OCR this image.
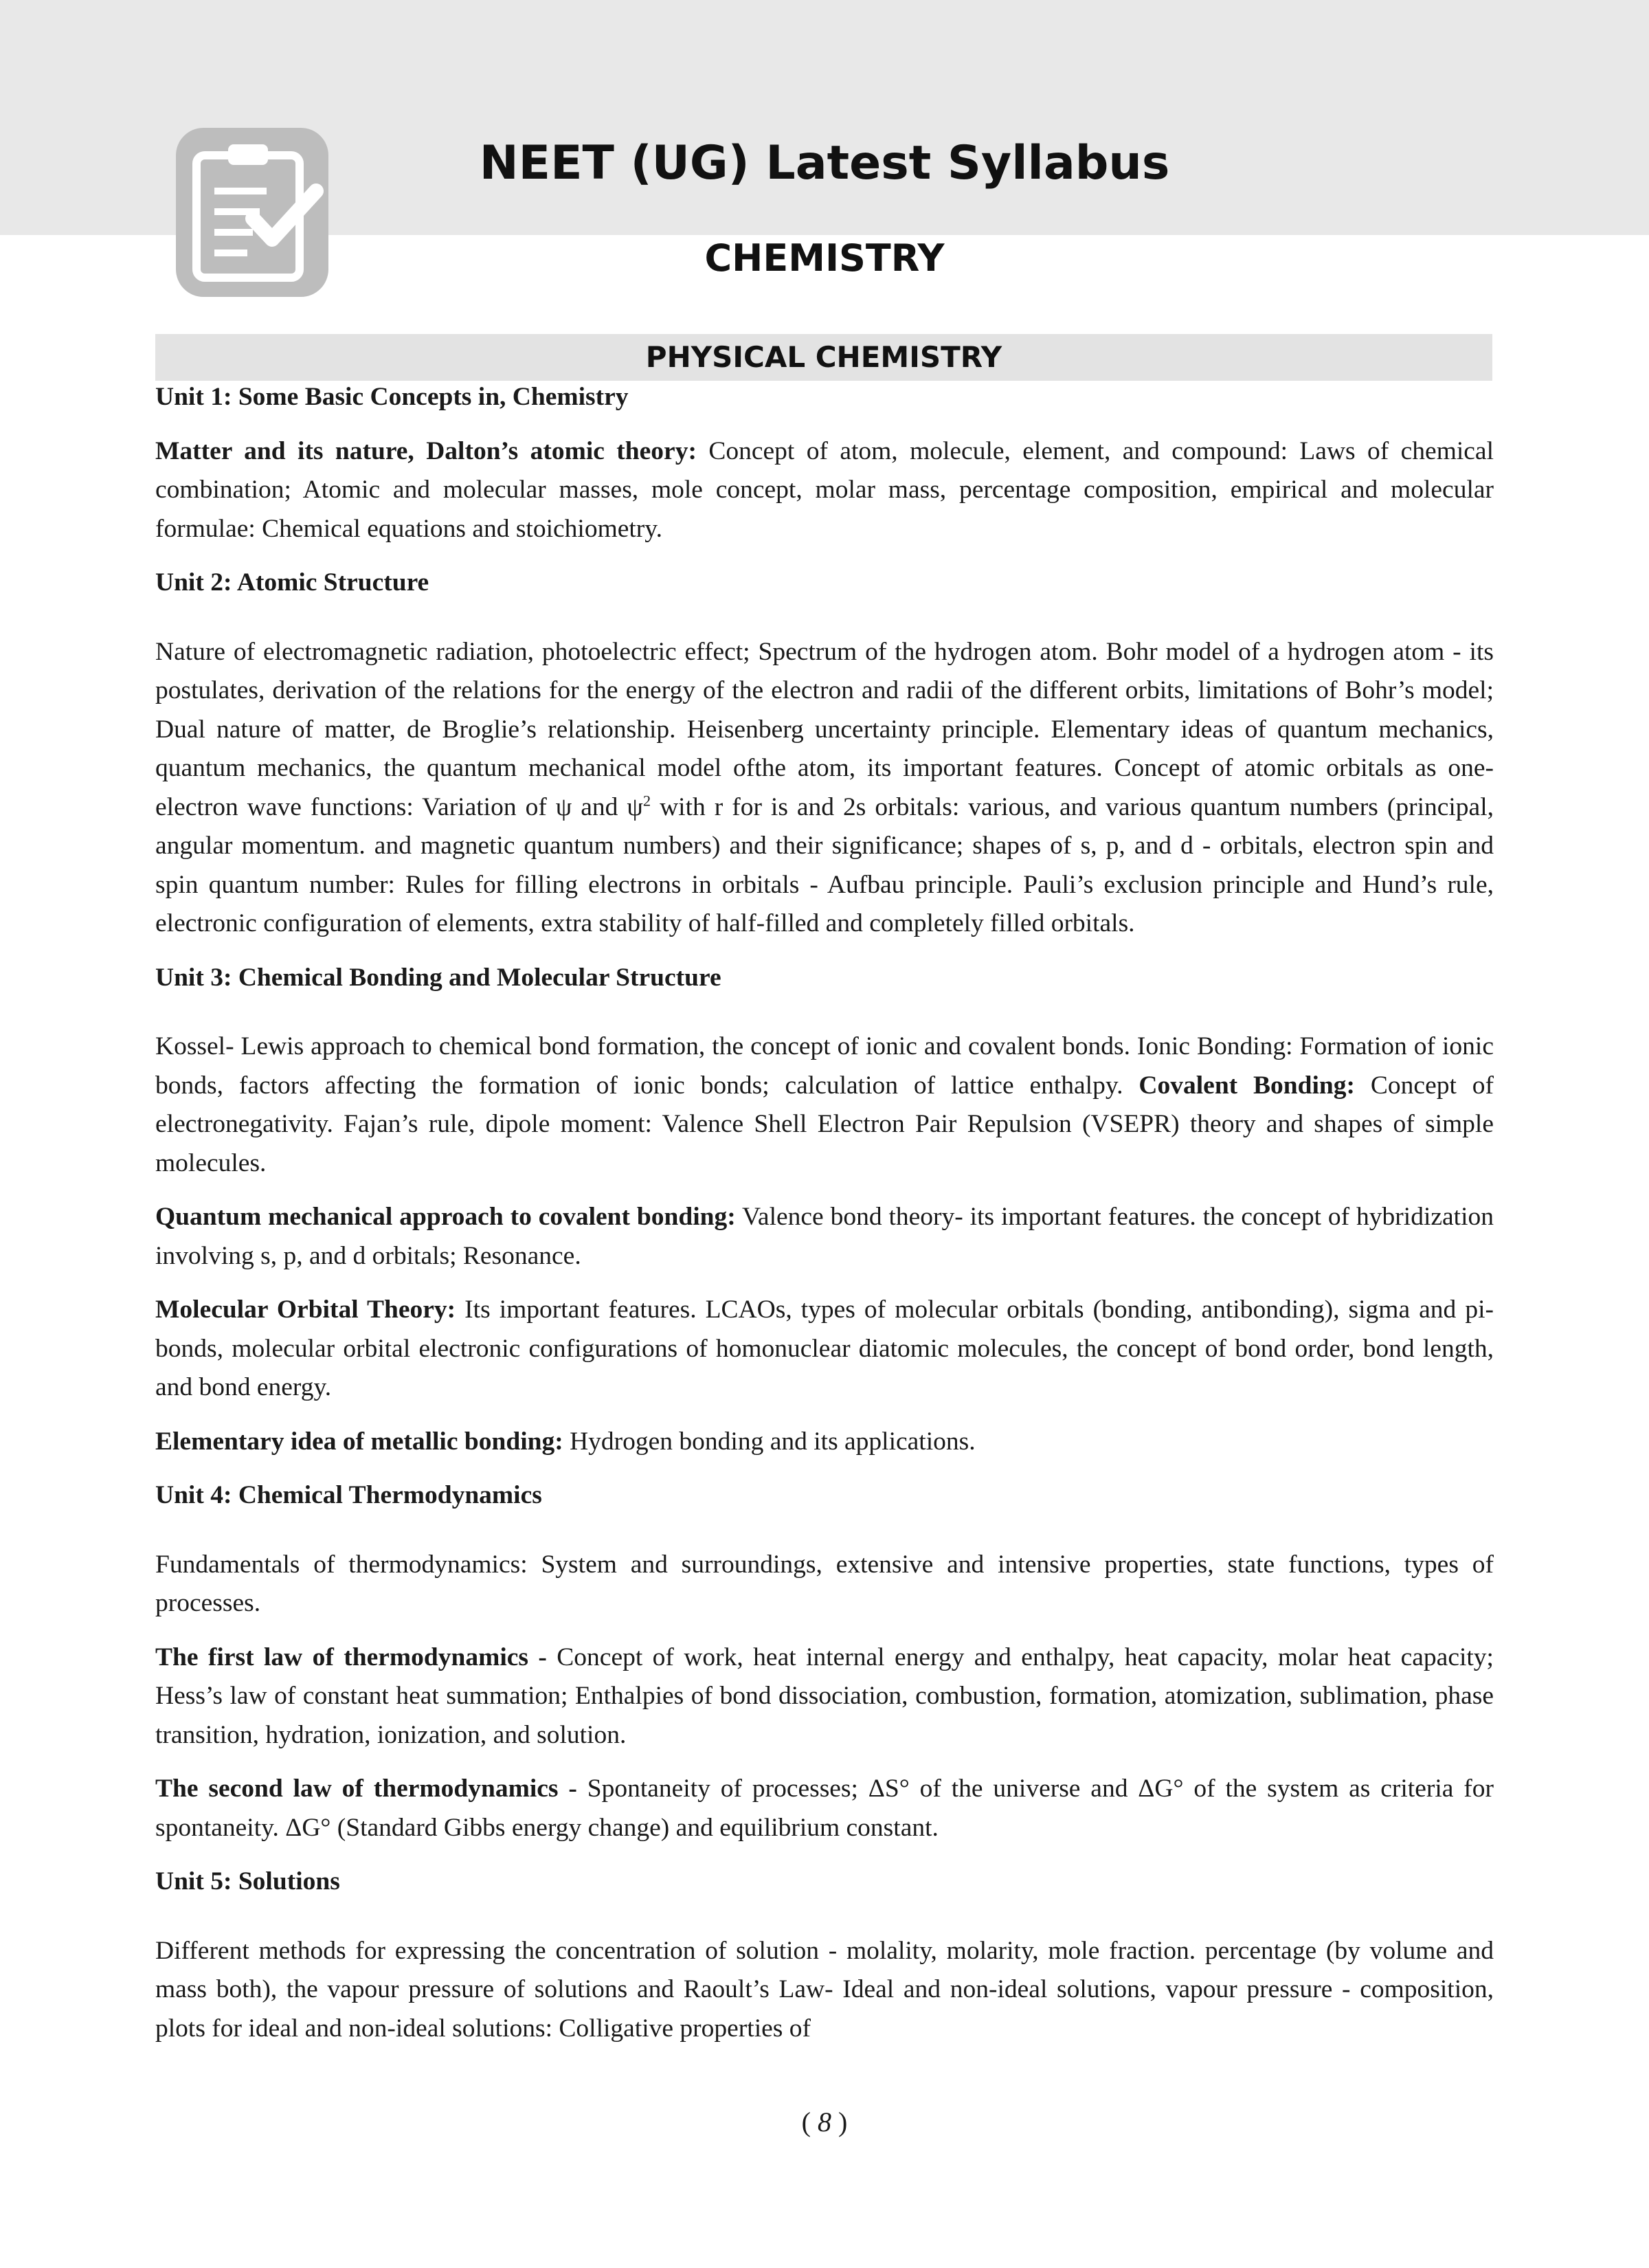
NEET (UG) Latest Syllabus
CHEMISTRY
PHYSICAL CHEMISTRY

Unit 1: Some Basic Concepts in, Chemistry

Matter and its nature, Dalton’s atomic theory: Concept of atom, molecule, element, and compound: Laws of chemical combination; Atomic and molecular masses, mole concept, molar mass, percentage composition, empirical and molecular formulae: Chemical equations and stoichiometry.

Unit 2: Atomic Structure

Nature of electromagnetic radiation, photoelectric effect; Spectrum of the hydrogen atom. Bohr model of a hydrogen atom - its postulates, derivation of the relations for the energy of the electron and radii of the different orbits, limitations of Bohr’s model; Dual nature of matter, de Broglie’s relationship. Heisenberg uncertainty principle. Elementary ideas of quantum mechanics, quantum mechanics, the quantum mechanical model ofthe atom, its important features. Concept of atomic orbitals as one-electron wave functions: Variation of ψ and $\psi^2$ with r for is and 2s orbitals: various, and various quantum numbers (principal, angular momentum. and magnetic quantum numbers) and their significance; shapes of s, p, and d - orbitals, electron spin and spin quantum number: Rules for filling electrons in orbitals - Aufbau principle. Pauli’s exclusion principle and Hund’s rule, electronic configuration of elements, extra stability of half-filled and completely filled orbitals.

Unit 3: Chemical Bonding and Molecular Structure

Kossel- Lewis approach to chemical bond formation, the concept of ionic and covalent bonds. Ionic Bonding: Formation of ionic bonds, factors affecting the formation of ionic bonds; calculation of lattice enthalpy. Covalent Bonding: Concept of electronegativity. Fajan’s rule, dipole moment: Valence Shell Electron Pair Repulsion (VSEPR) theory and shapes of simple molecules.

Quantum mechanical approach to covalent bonding: Valence bond theory- its important features. the concept of hybridization involving s, p, and d orbitals; Resonance.

Molecular Orbital Theory: Its important features. LCAOs, types of molecular orbitals (bonding, antibonding), sigma and pi-bonds, molecular orbital electronic configurations of homonuclear diatomic molecules, the concept of bond order, bond length, and bond energy.

Elementary idea of metallic bonding: Hydrogen bonding and its applications.

Unit 4: Chemical Thermodynamics

Fundamentals of thermodynamics: System and surroundings, extensive and intensive properties, state functions, types of processes.

The first law of thermodynamics - Concept of work, heat internal energy and enthalpy, heat capacity, molar heat capacity; Hess’s law of constant heat summation; Enthalpies of bond dissociation, combustion, formation, atomization, sublimation, phase transition, hydration, ionization, and solution.

The second law of thermodynamics - Spontaneity of processes; ΔS° of the universe and ΔG° of the system as criteria for spontaneity. ΔG° (Standard Gibbs energy change) and equilibrium constant.

Unit 5: Solutions

Different methods for expressing the concentration of solution - molality, molarity, mole fraction. percentage (by volume and mass both), the vapour pressure of solutions and Raoult’s Law- Ideal and non-ideal solutions, vapour pressure - composition, plots for ideal and non-ideal solutions: Colligative properties of

( 8 )
